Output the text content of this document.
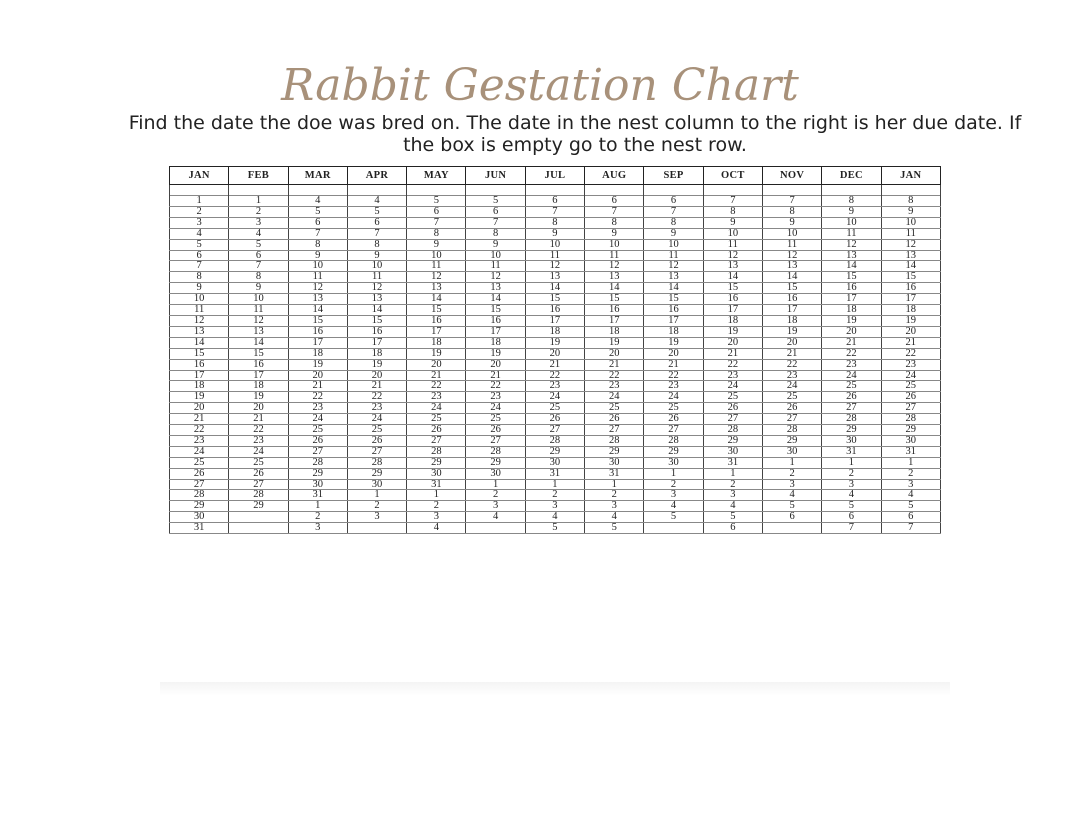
Rabbit Gestation Chart
Find the date the doe was bred on. The date in the nest column to the right is her due date. If the box is empty go to the nest row.
JAN	FEB	MAR	APR	MAY	JUN	JUL	AUG	SEP	OCT	NOV	DEC	JAN

1	1	4	4	5	5	6	6	6	7	7	8	8
2	2	5	5	6	6	7	7	7	8	8	9	9
3	3	6	6	7	7	8	8	8	9	9	10	10
4	4	7	7	8	8	9	9	9	10	10	11	11
5	5	8	8	9	9	10	10	10	11	11	12	12
6	6	9	9	10	10	11	11	11	12	12	13	13
7	7	10	10	11	11	12	12	12	13	13	14	14
8	8	11	11	12	12	13	13	13	14	14	15	15
9	9	12	12	13	13	14	14	14	15	15	16	16
10	10	13	13	14	14	15	15	15	16	16	17	17
11	11	14	14	15	15	16	16	16	17	17	18	18
12	12	15	15	16	16	17	17	17	18	18	19	19
13	13	16	16	17	17	18	18	18	19	19	20	20
14	14	17	17	18	18	19	19	19	20	20	21	21
15	15	18	18	19	19	20	20	20	21	21	22	22
16	16	19	19	20	20	21	21	21	22	22	23	23
17	17	20	20	21	21	22	22	22	23	23	24	24
18	18	21	21	22	22	23	23	23	24	24	25	25
19	19	22	22	23	23	24	24	24	25	25	26	26
20	20	23	23	24	24	25	25	25	26	26	27	27
21	21	24	24	25	25	26	26	26	27	27	28	28
22	22	25	25	26	26	27	27	27	28	28	29	29
23	23	26	26	27	27	28	28	28	29	29	30	30
24	24	27	27	28	28	29	29	29	30	30	31	31
25	25	28	28	29	29	30	30	30	31	1	1	1
26	26	29	29	30	30	31	31	1	1	2	2	2
27	27	30	30	31	1	1	1	2	2	3	3	3
28	28	31	1	1	2	2	2	3	3	4	4	4
29	29	1	2	2	3	3	3	4	4	5	5	5
30		2	3	3	4	4	4	5	5	6	6	6
31		3		4		5	5		6		7	7
